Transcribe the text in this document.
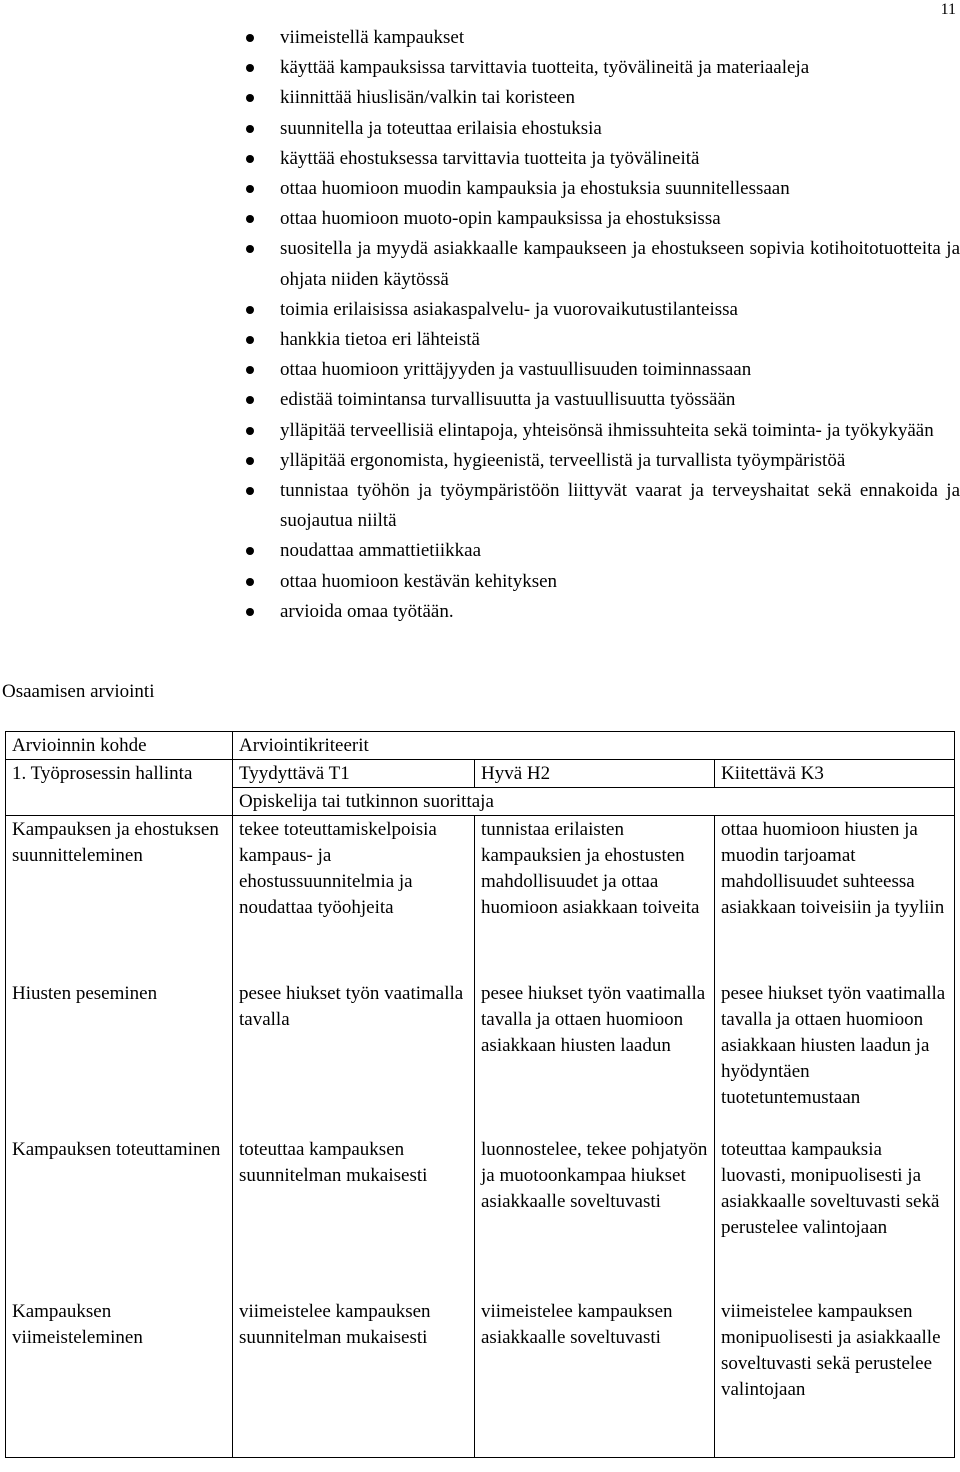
11
viimeistellä kampaukset
käyttää kampauksissa tarvittavia tuotteita, työvälineitä ja materiaaleja
kiinnittää hiuslisän/valkin tai koristeen
suunnitella ja toteuttaa erilaisia ehostuksia
käyttää ehostuksessa tarvittavia tuotteita ja työvälineitä
ottaa huomioon muodin kampauksia ja ehostuksia suunnitellessaan
ottaa huomioon muoto-opin kampauksissa ja ehostuksissa
suositella ja myydä asiakkaalle kampaukseen ja ehostukseen sopivia kotihoitotuotteita ja ohjata niiden käytössä
toimia erilaisissa asiakaspalvelu- ja vuorovaikutustilanteissa
hankkia tietoa eri lähteistä
ottaa huomioon yrittäjyyden ja vastuullisuuden toiminnassaan
edistää toimintansa turvallisuutta ja vastuullisuutta työssään
ylläpitää terveellisiä elintapoja, yhteisönsä ihmissuhteita sekä toiminta- ja työkykyään
ylläpitää ergonomista, hygieenistä, terveellistä ja turvallista työympäristöä
tunnistaa työhön ja työympäristöön liittyvät vaarat ja terveyshaitat sekä ennakoida ja suojautua niiltä
noudattaa ammattietiikkaa
ottaa huomioon kestävän kehityksen
arvioida omaa työtään.
Osaamisen arviointi
Arvioinnin kohde	Arviointikriteerit		
1. Työprosessin hallinta	Tyydyttävä T1	Hyvä H2	Kiitettävä K3
	Opiskelija tai tutkinnon suorittaja		
Kampauksen ja ehostuksen suunnitteleminen	tekee toteuttamiskelpoisia kampaus- ja ehostussuunnitelmia ja noudattaa työohjeita	tunnistaa erilaisten kampauksien ja ehostusten mahdollisuudet ja ottaa huomioon asiakkaan toiveita	ottaa huomioon hiusten ja muodin tarjoamat mahdollisuudet suhteessa asiakkaan toiveisiin ja tyyliin
Hiusten peseminen	pesee hiukset työn vaatimalla tavalla	pesee hiukset työn vaatimalla tavalla ja ottaen huomioon asiakkaan hiusten laadun	pesee hiukset työn vaatimalla tavalla ja ottaen huomioon asiakkaan hiusten laadun ja hyödyntäen tuotetuntemustaan
Kampauksen toteuttaminen	toteuttaa kampauksen suunnitelman mukaisesti	luonnostelee, tekee pohjatyön ja muotoonkampaa hiukset asiakkaalle soveltuvasti	toteuttaa kampauksia luovasti, monipuolisesti ja asiakkaalle soveltuvasti sekä perustelee valintojaan
Kampauksen viimeisteleminen	viimeistelee kampauksen suunnitelman mukaisesti	viimeistelee kampauksen asiakkaalle soveltuvasti	viimeistelee kampauksen monipuolisesti ja asiakkaalle soveltuvasti sekä perustelee valintojaan
